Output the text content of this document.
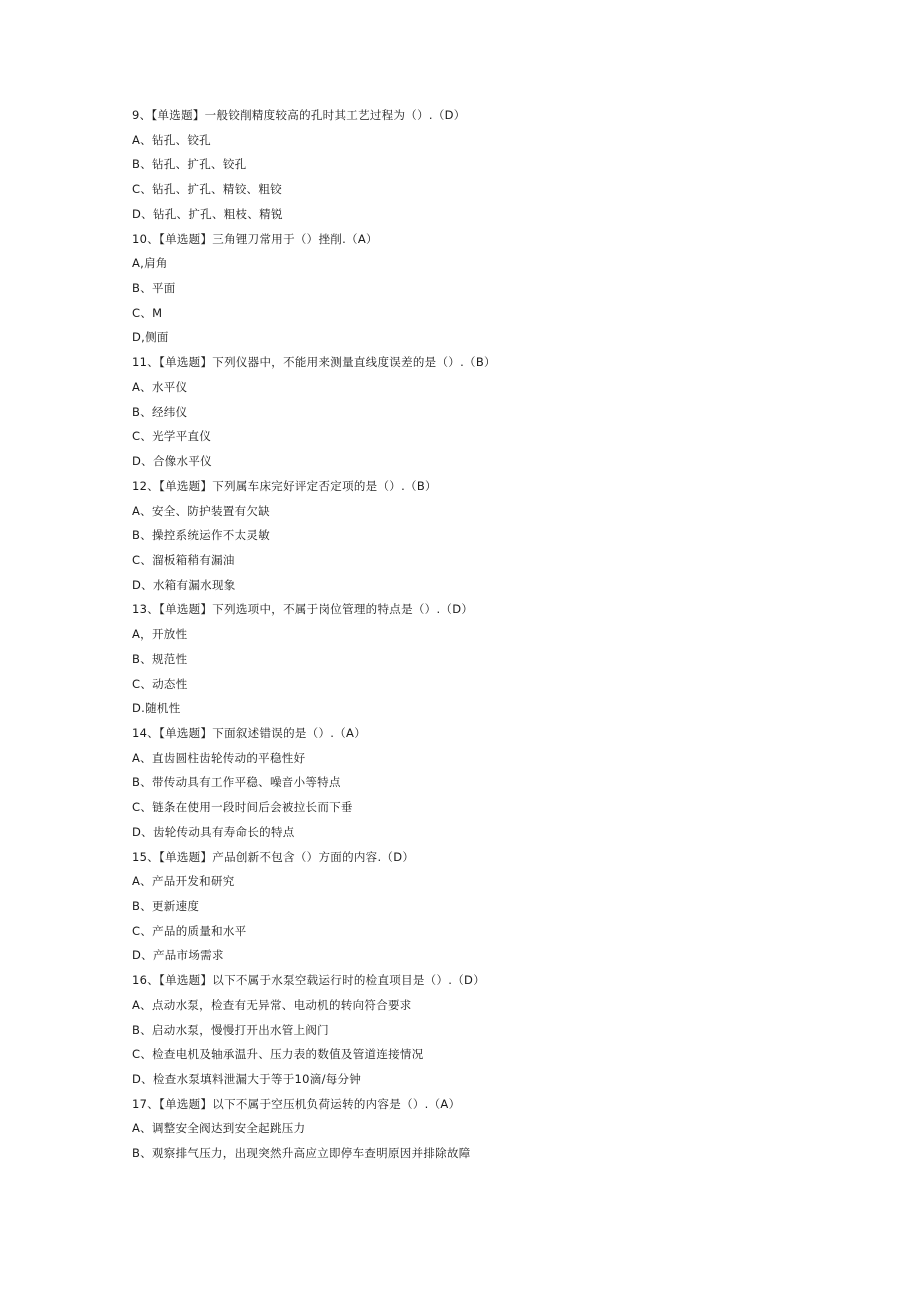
9、【单选题】一般铰削精度较高的孔时其工艺过程为（）.（D）
A、钻孔、铰孔
B、钻孔、扩孔、铰孔
C、钻孔、扩孔、精铰、粗铰
D、钻孔、扩孔、粗枝、精锐
10、【单选题】三角锂刀常用于（）挫削.（A）
A,肩角
B、平面
C、M
D,侧面
11、【单选题】下列仪器中，不能用来测量直线度误差的是（）.（B）
A、水平仪
B、经纬仪
C、光学平直仪
D、合像水平仪
12、【单选题】下列属车床完好评定否定项的是（）.（B）
A、安全、防护装置有欠缺
B、操控系统运作不太灵敏
C、溜板箱稍有漏油
D、水箱有漏水现象
13、【单选题】下列选项中，不属于岗位管理的特点是（）.（D）
A，开放性
B、规范性
C、动态性
D.随机性
14、【单选题】下面叙述错误的是（）.（A）
A、直齿圆柱齿轮传动的平稳性好
B、带传动具有工作平稳、噪音小等特点
C、链条在使用一段时间后会被拉长而下垂
D、齿轮传动具有寿命长的特点
15、【单选题】产品创新不包含（）方面的内容.（D）
A、产品开发和研究
B、更新速度
C、产品的质量和水平
D、产品市场需求
16、【单选题】以下不属于水泵空载运行时的检直项目是（）.（D）
A、点动水泵，检查有无异常、电动机的转向符合要求
B、启动水泵，慢慢打开出水管上阀门
C、检查电机及轴承温升、压力表的数值及管道连接情况
D、检查水泵填料泄漏大于等于10滴/每分钟
17、【单选题】以下不属于空压机负荷运转的内容是（）.（A）
A、调整安全阀达到安全起跳压力
B、观察排气压力，出现突然升高应立即停车查明原因并排除故障
